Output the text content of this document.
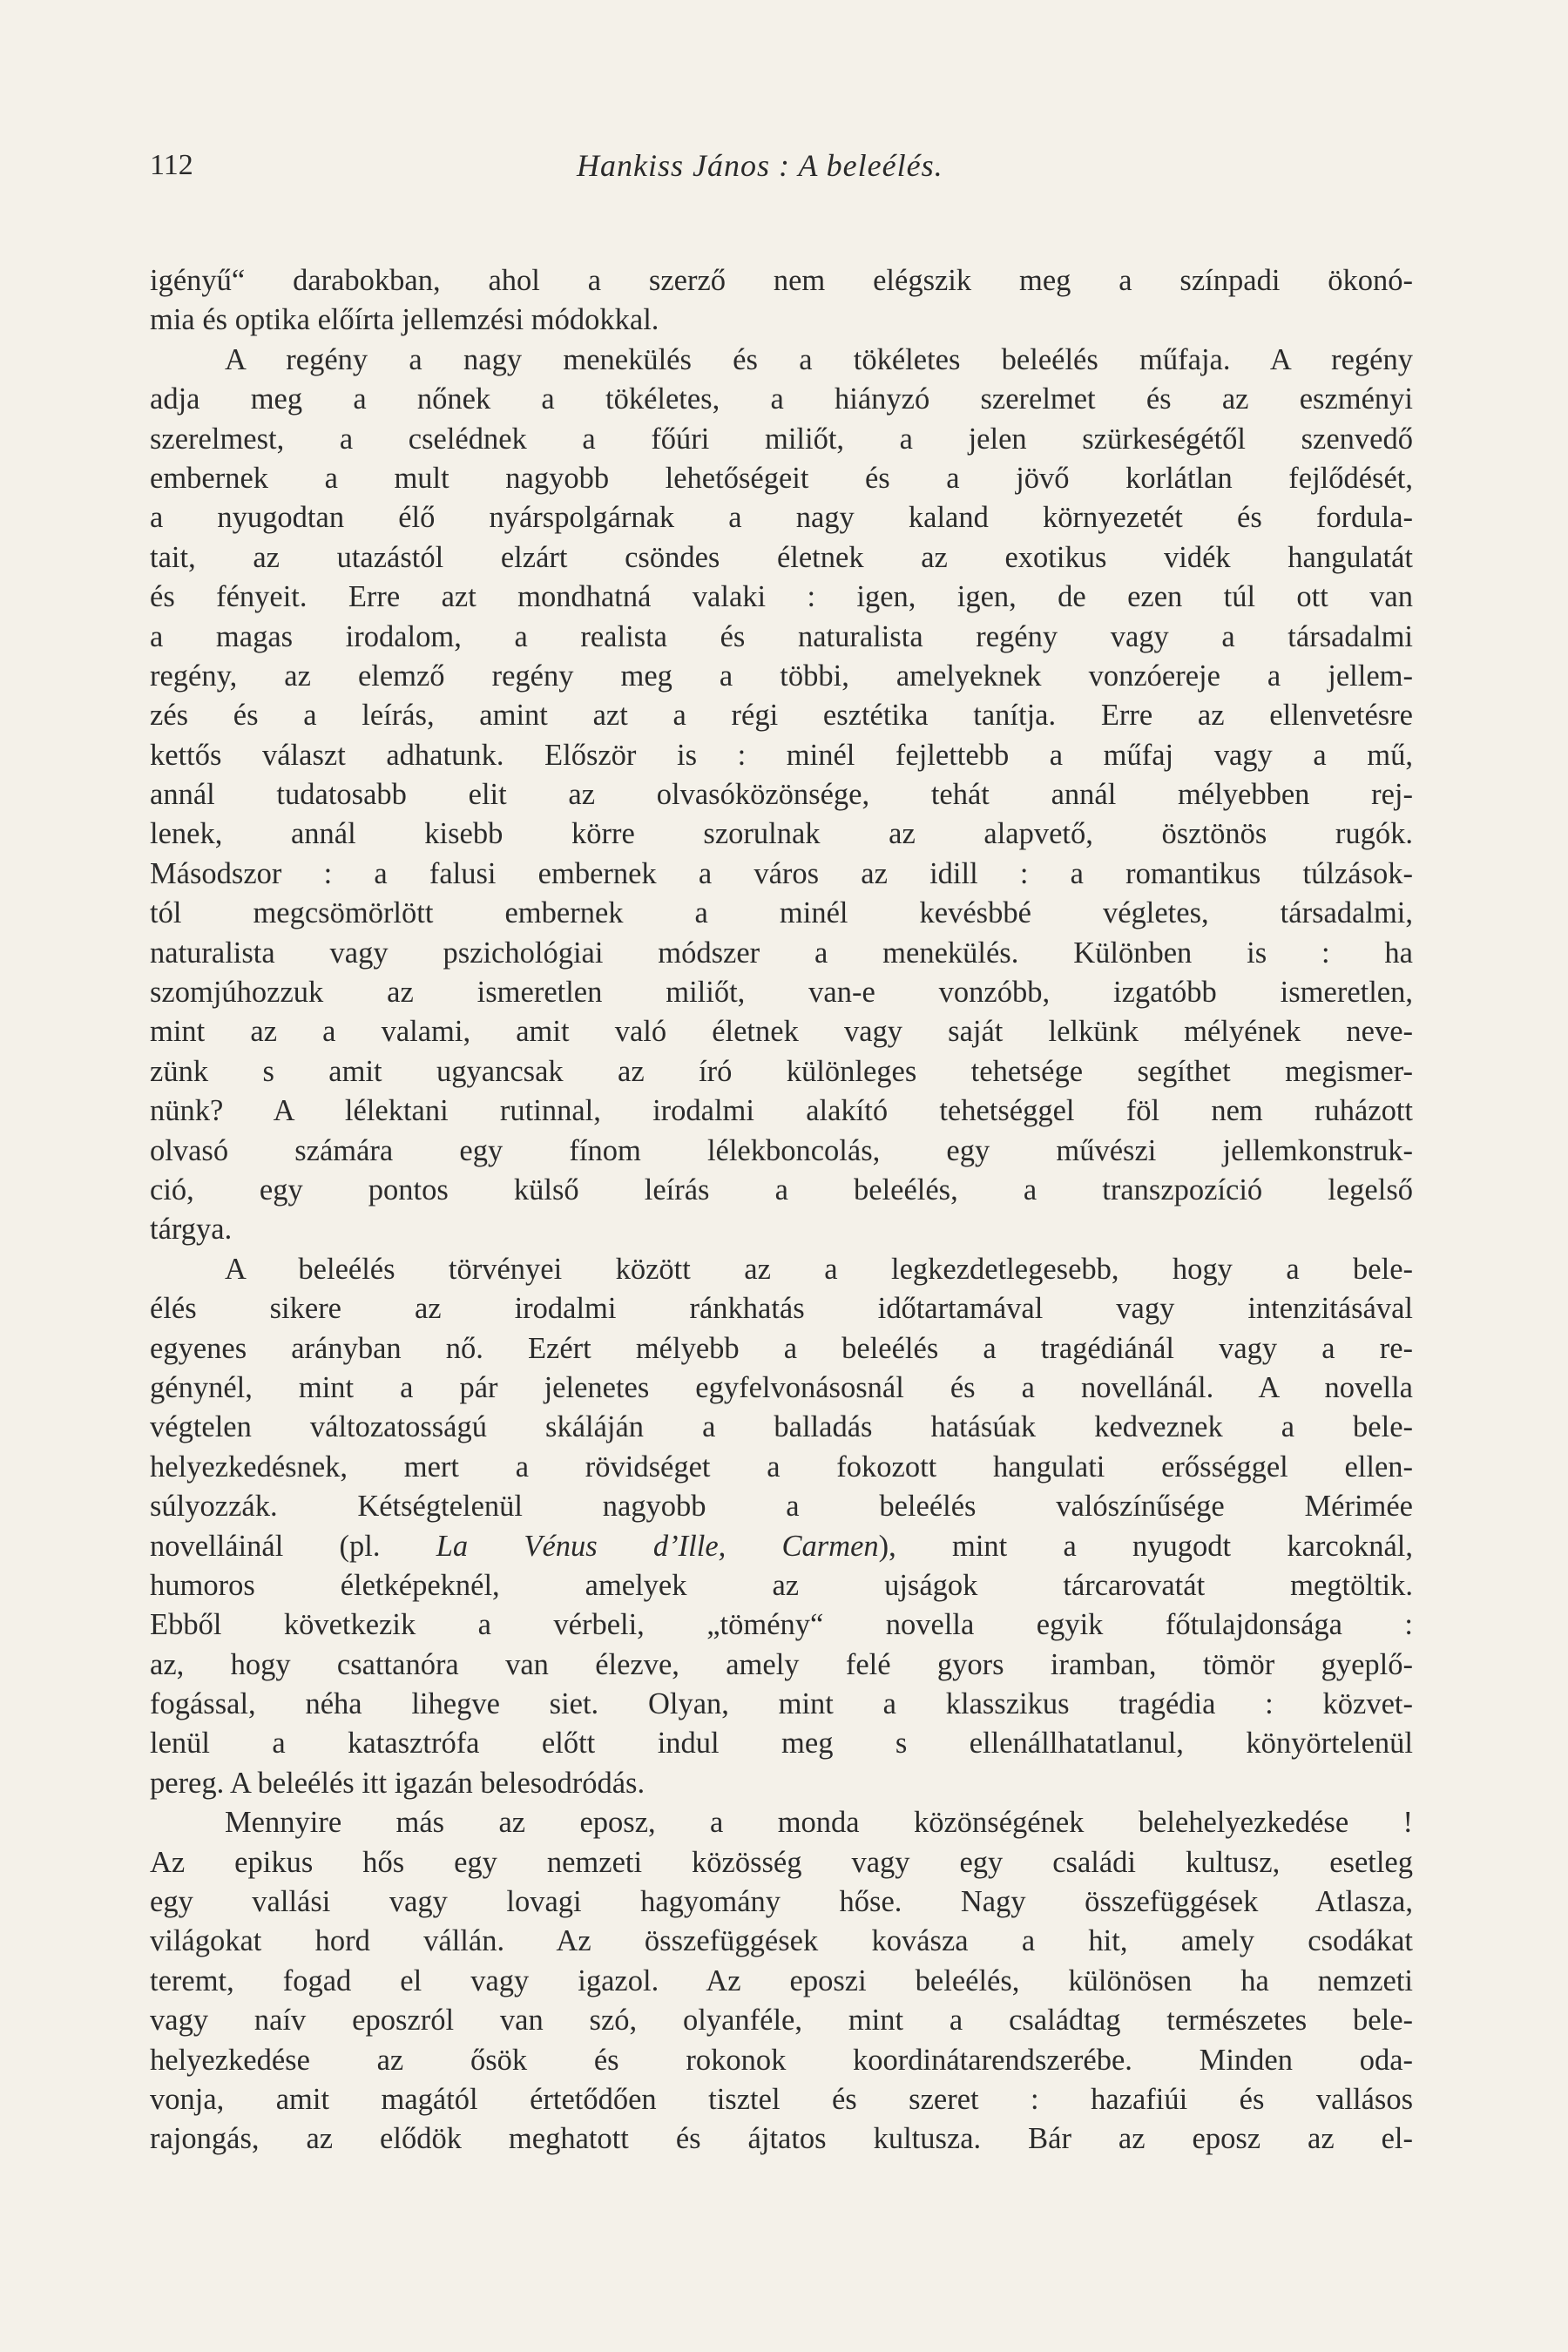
112	Hankiss János : A beleélés.
igényű“ darabokban, ahol a szerző nem elégszik meg a színpadi ökonó-
mia és optika előírta jellemzési módokkal.
A regény a nagy menekülés és a tökéletes beleélés műfaja. A regény
adja meg a nőnek a tökéletes, a hiányzó szerelmet és az eszményi
szerelmest, a cselédnek a főúri miliőt, a jelen szürkeségétől szenvedő
embernek a mult nagyobb lehetőségeit és a jövő korlátlan fejlődését,
a nyugodtan élő nyárspolgárnak a nagy kaland környezetét és fordula-
tait, az utazástól elzárt csöndes életnek az exotikus vidék hangulatát
és fényeit. Erre azt mondhatná valaki : igen, igen, de ezen túl ott van
a magas irodalom, a realista és naturalista regény vagy a társadalmi
regény, az elemző regény meg a többi, amelyeknek vonzóereje a jellem-
zés és a leírás, amint azt a régi esztétika tanítja. Erre az ellenvetésre
kettős választ adhatunk. Először is : minél fejlettebb a műfaj vagy a mű,
annál tudatosabb elit az olvasóközönsége, tehát annál mélyebben rej-
lenek, annál kisebb körre szorulnak az alapvető, ösztönös rugók.
Másodszor : a falusi embernek a város az idill : a romantikus túlzások-
tól megcsömörlött embernek a minél kevésbbé végletes, társadalmi,
naturalista vagy pszichológiai módszer a menekülés. Különben is : ha
szomjúhozzuk az ismeretlen miliőt, van-e vonzóbb, izgatóbb ismeretlen,
mint az a valami, amit való életnek vagy saját lelkünk mélyének neve-
zünk s amit ugyancsak az író különleges tehetsége segíthet megismer-
nünk? A lélektani rutinnal, irodalmi alakító tehetséggel föl nem ruházott
olvasó számára egy fínom lélekboncolás, egy művészi jellemkonstruk-
ció, egy pontos külső leírás a beleélés, a transzpozíció legelső
tárgya.
A beleélés törvényei között az a legkezdetlegesebb, hogy a bele-
élés sikere az irodalmi ránkhatás időtartamával vagy intenzitásával
egyenes arányban nő. Ezért mélyebb a beleélés a tragédiánál vagy a re-
génynél, mint a pár jelenetes egyfelvonásosnál és a novellánál. A novella
végtelen változatosságú skáláján a balladás hatásúak kedveznek a bele-
helyezkedésnek, mert a rövidséget a fokozott hangulati erősséggel ellen-
súlyozzák. Kétségtelenül nagyobb a beleélés valószínűsége Mérimée
novelláinál (pl. La Vénus d’Ille, Carmen), mint a nyugodt karcoknál,
humoros életképeknél, amelyek az ujságok tárcarovatát megtöltik.
Ebből következik a vérbeli, „tömény“ novella egyik főtulajdonsága :
az, hogy csattanóra van élezve, amely felé gyors iramban, tömör gyeplő-
fogással, néha lihegve siet. Olyan, mint a klasszikus tragédia : közvet-
lenül a katasztrófa előtt indul meg s ellenállhatatlanul, könyörtelenül
pereg. A beleélés itt igazán belesodródás.
Mennyire más az eposz, a monda közönségének belehelyezkedése !
Az epikus hős egy nemzeti közösség vagy egy családi kultusz, esetleg
egy vallási vagy lovagi hagyomány hőse. Nagy összefüggések Atlasza,
világokat hord vállán. Az összefüggések kovásza a hit, amely csodákat
teremt, fogad el vagy igazol. Az eposzi beleélés, különösen ha nemzeti
vagy naív eposzról van szó, olyanféle, mint a családtag természetes bele-
helyezkedése az ősök és rokonok koordinátarendszerébe. Minden oda-
vonja, amit magától értetődően tisztel és szeret : hazafiúi és vallásos
rajongás, az elődök meghatott és ájtatos kultusza. Bár az eposz az el-
